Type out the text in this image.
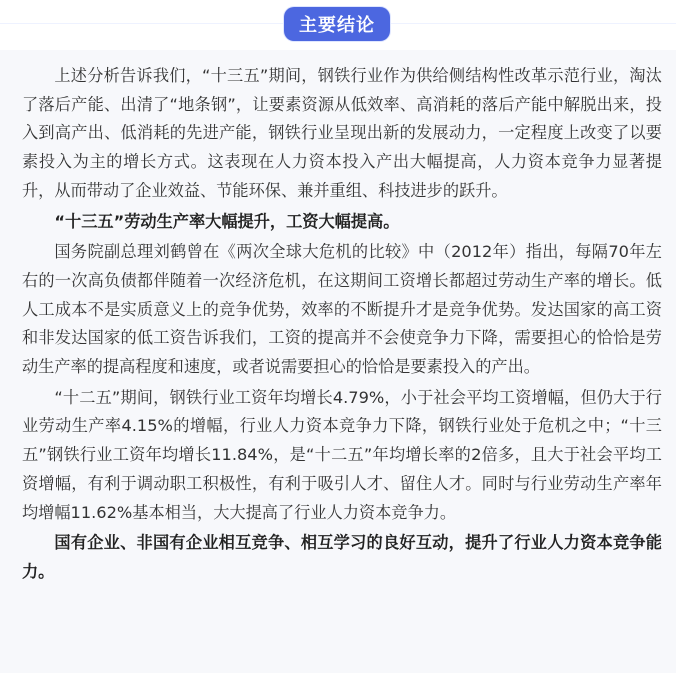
主要结论

上述分析告诉我们，“十三五”期间，钢铁行业作为供给侧结构性改革示范行业，淘汰了落后产能、出清了“地条钢”，让要素资源从低效率、高消耗的落后产能中解脱出来，投入到高产出、低消耗的先进产能，钢铁行业呈现出新的发展动力，一定程度上改变了以要素投入为主的增长方式。这表现在人力资本投入产出大幅提高，人力资本竞争力显著提升，从而带动了企业效益、节能环保、兼并重组、科技进步的跃升。

“十三五”劳动生产率大幅提升，工资大幅提高。

国务院副总理刘鹤曾在《两次全球大危机的比较》中（2012年）指出，每隔70年左右的一次高负债都伴随着一次经济危机，在这期间工资增长都超过劳动生产率的增长。低人工成本不是实质意义上的竞争优势，效率的不断提升才是竞争优势。发达国家的高工资和非发达国家的低工资告诉我们，工资的提高并不会使竞争力下降，需要担心的恰恰是劳动生产率的提高程度和速度，或者说需要担心的恰恰是要素投入的产出。

“十二五”期间，钢铁行业工资年均增长4.79%，小于社会平均工资增幅，但仍大于行业劳动生产率4.15%的增幅，行业人力资本竞争力下降，钢铁行业处于危机之中；“十三五”钢铁行业工资年均增长11.84%，是“十二五”年均增长率的2倍多，且大于社会平均工资增幅，有利于调动职工积极性，有利于吸引人才、留住人才。同时与行业劳动生产率年均增幅11.62%基本相当，大大提高了行业人力资本竞争力。

国有企业、非国有企业相互竞争、相互学习的良好互动，提升了行业人力资本竞争能力。
